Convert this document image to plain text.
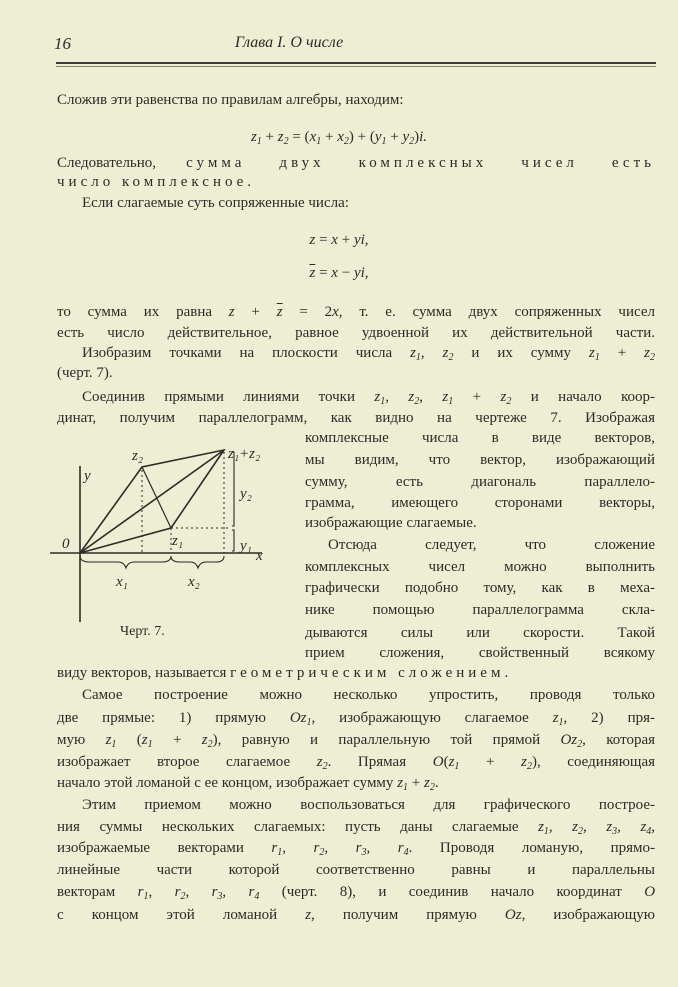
16	Глава I. О числе
Сложив эти равенства по правилам алгебры, находим:
$z_1 + z_2 = (x_1 + x_2) + (y_1 + y_2)i$.
Следовательно, сумма двух комплексных чисел есть
число комплексное.
Если слагаемые суть сопряженные числа:
z = x + yi,
$\overline{z} = x$ − yi,
то сумма их равна $z + \overline{z} = 2x$, т. е. сумма двух сопряженных чисел
есть число действительное, равное удвоенной их действительной части.
Изобразим точками на плоскости числа $z_1$, $z_2$ и их сумму $z_1 + z_2$
(черт. 7).
Соединив прямыми линиями точки $z_1$, $z_2$, $z_1 + z_2$ и начало коор-
динат, получим параллелограмм, как видно на чертеже 7. Изображая
комплексные числа в виде векторов,
мы видим, что вектор, изображающий
сумму, есть диагональ параллело-
грамма, имеющего сторонами векторы,
изображающие слагаемые.
Отсюда следует, что сложение
комплексных чисел можно выполнить
графически подобно тому, как в меха-
нике помощью параллелограмма скла-
дываются силы или скорости. Такой
прием сложения, свойственный всякому
виду векторов, называется геометрическим сложением.
Самое построение можно несколько упростить, проводя только
две прямые: 1) прямую $Oz_1$, изображающую слагаемое $z_1$, 2) пря-
мую $z_1$ $(z_1 + z_2)$, равную и параллельную той прямой $Oz_2$, которая
изображает второе слагаемое $z_2$. Прямая $O(z_1 + z_2)$, соединяющая
начало этой ломаной с ее концом, изображает сумму $z_1 + z_2$.
Этим приемом можно воспользоваться для графического построе-
ния суммы нескольких слагаемых: пусть даны слагаемые $z_1$, $z_2$, $z_3$, $z_4$,
изображаемые векторами $r_1$, $r_2$, $r_3$, $r_4$. Проводя ломаную, прямо-
линейные части которой соответственно равны и параллельны
векторам $r_1$, $r_2$, $r_3$, $r_4$ (черт. 8), и соединив начало координат O
с концом этой ломаной z, получим прямую Oz, изображающую
0
y
x
z₂	z₁+z₂
z₁
y₂
y₁
x₁	x₂
Черт. 7.
